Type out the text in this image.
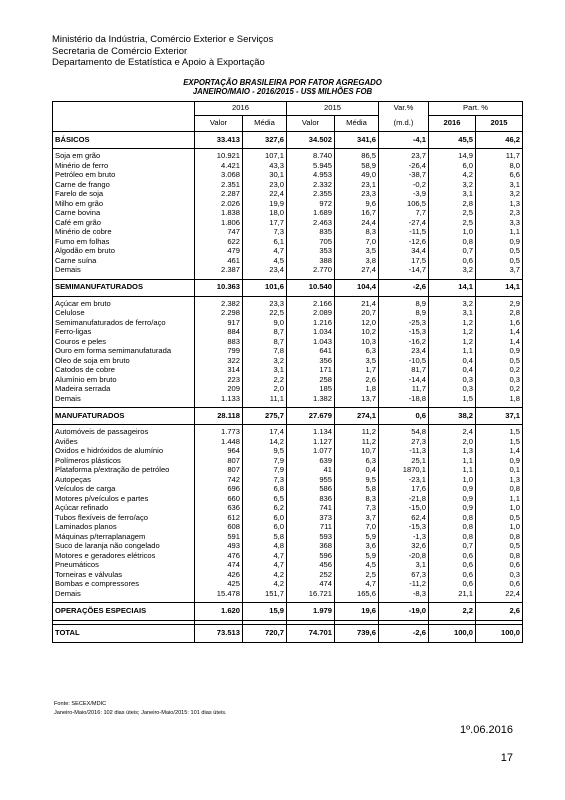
Ministério da Indústria, Comércio Exterior e Serviços
Secretaria de Comércio Exterior
Departamento de Estatística e Apoio à Exportação
EXPORTAÇÃO BRASILEIRA POR FATOR AGREGADO
JANEIRO/MAIO - 2016/2015 - US$ MILHÕES FOB
	2016		2015		Var.%	Part. %	
	Valor	Média	Valor	Média	(m.d.)	2016	2015
BÁSICOS	33.413	327,6	34.502	341,6	-4,1	45,5	46,2

Soja em grão	10.921	107,1	8.740	86,5	23,7	14,9	11,7
Minério de ferro	4.421	43,3	5.945	58,9	-26,4	6,0	8,0
Petróleo em bruto	3.068	30,1	4.953	49,0	-38,7	4,2	6,6
Carne de frango	2.351	23,0	2.332	23,1	-0,2	3,2	3,1
Farelo de soja	2.287	22,4	2.355	23,3	-3,9	3,1	3,2
Milho em grão	2.026	19,9	972	9,6	106,5	2,8	1,3
Carne bovina	1.838	18,0	1.689	16,7	7,7	2,5	2,3
Café em grão	1.806	17,7	2.463	24,4	-27,4	2,5	3,3
Minério de cobre	747	7,3	835	8,3	-11,5	1,0	1,1
Fumo em folhas	622	6,1	705	7,0	-12,6	0,8	0,9
Algodão em bruto	479	4,7	353	3,5	34,4	0,7	0,5
Carne suína	461	4,5	388	3,8	17,5	0,6	0,5
Demais	2.387	23,4	2.770	27,4	-14,7	3,2	3,7

SEMIMANUFATURADOS	10.363	101,6	10.540	104,4	-2,6	14,1	14,1

Açúcar em bruto	2.382	23,3	2.166	21,4	8,9	3,2	2,9
Celulose	2.298	22,5	2.089	20,7	8,9	3,1	2,8
Semimanufaturados de ferro/aço	917	9,0	1.216	12,0	-25,3	1,2	1,6
Ferro-ligas	884	8,7	1.034	10,2	-15,3	1,2	1,4
Couros e peles	883	8,7	1.043	10,3	-16,2	1,2	1,4
Ouro em forma semimanufaturada	799	7,8	641	6,3	23,4	1,1	0,9
Óleo de soja em bruto	322	3,2	356	3,5	-10,5	0,4	0,5
Catodos de cobre	314	3,1	171	1,7	81,7	0,4	0,2
Alumínio em bruto	223	2,2	258	2,6	-14,4	0,3	0,3
Madeira serrada	209	2,0	185	1,8	11,7	0,3	0,2
Demais	1.133	11,1	1.382	13,7	-18,8	1,5	1,8

MANUFATURADOS	28.118	275,7	27.679	274,1	0,6	38,2	37,1

Automóveis de passageiros	1.773	17,4	1.134	11,2	54,8	2,4	1,5
Aviões	1.448	14,2	1.127	11,2	27,3	2,0	1,5
Óxidos e hidróxidos de alumínio	964	9,5	1.077	10,7	-11,3	1,3	1,4
Polímeros plásticos	807	7,9	639	6,3	25,1	1,1	0,9
Plataforma p/extração de petróleo	807	7,9	41	0,4	1870,1	1,1	0,1
Autopeças	742	7,3	955	9,5	-23,1	1,0	1,3
Veículos de carga	696	6,8	586	5,8	17,6	0,9	0,8
Motores p/veículos e partes	660	6,5	836	8,3	-21,8	0,9	1,1
Açúcar refinado	636	6,2	741	7,3	-15,0	0,9	1,0
Tubos flexíveis de ferro/aço	612	6,0	373	3,7	62,4	0,8	0,5
Laminados planos	608	6,0	711	7,0	-15,3	0,8	1,0
Máquinas p/terraplanagem	591	5,8	593	5,9	-1,3	0,8	0,8
Suco de laranja não congelado	493	4,8	368	3,6	32,6	0,7	0,5
Motores e geradores elétricos	476	4,7	596	5,9	-20,8	0,6	0,8
Pneumáticos	474	4,7	456	4,5	3,1	0,6	0,6
Torneiras e válvulas	426	4,2	252	2,5	67,3	0,6	0,3
Bombas e compressores	425	4,2	474	4,7	-11,2	0,6	0,6
Demais	15.478	151,7	16.721	165,6	-8,3	21,1	22,4

OPERAÇÕES ESPECIAIS	1.620	15,9	1.979	19,6	-19,0	2,2	2,6

TOTAL	73.513	720,7	74.701	739,6	-2,6	100,0	100,0
Fonte: SECEX/MDIC
Janeiro-Maio/2016: 102 dias úteis; Janeiro-Maio/2015: 101 dias úteis.
1º.06.2016
17
